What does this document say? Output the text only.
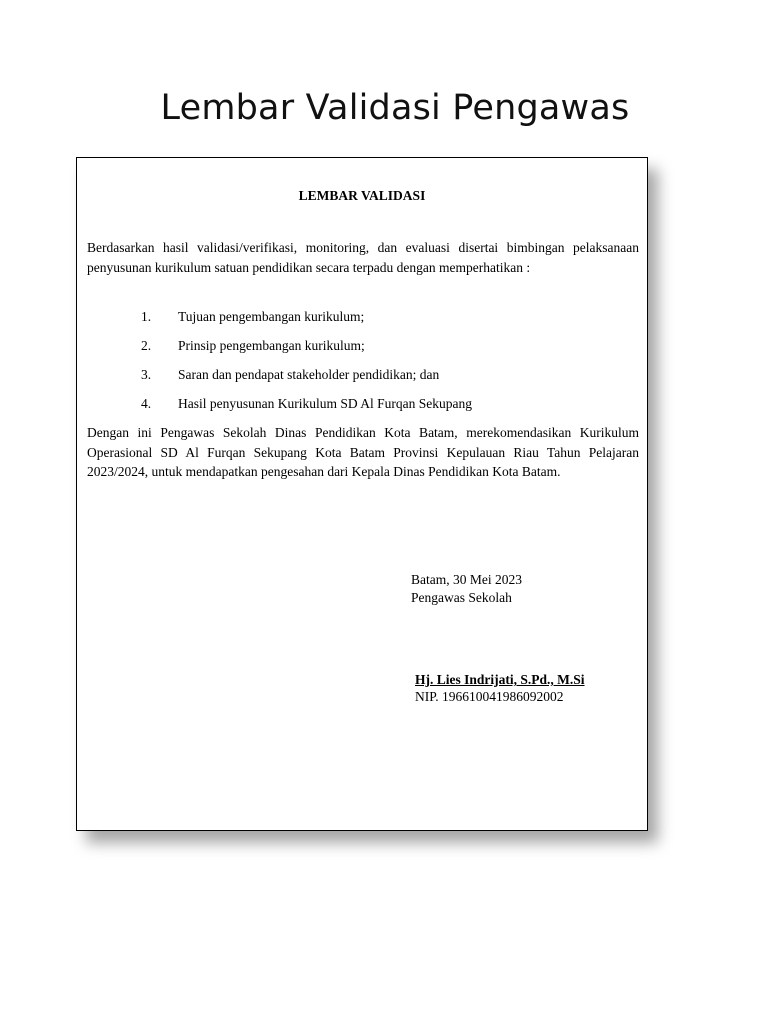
Lembar Validasi Pengawas
LEMBAR VALIDASI
Berdasarkan hasil validasi/verifikasi, monitoring, dan evaluasi disertai bimbingan pelaksanaan penyusunan kurikulum satuan pendidikan secara terpadu dengan memperhatikan :
1. Tujuan pengembangan kurikulum;
2. Prinsip pengembangan kurikulum;
3. Saran dan pendapat stakeholder pendidikan; dan
4. Hasil penyusunan Kurikulum SD Al Furqan Sekupang
Dengan ini Pengawas Sekolah Dinas Pendidikan Kota Batam, merekomendasikan Kurikulum Operasional SD Al Furqan Sekupang Kota Batam Provinsi Kepulauan Riau Tahun Pelajaran 2023/2024, untuk mendapatkan pengesahan dari Kepala Dinas Pendidikan Kota Batam.
Batam, 30 Mei 2023
Pengawas Sekolah
Hj. Lies Indrijati, S.Pd., M.Si
NIP. 196610041986092002
